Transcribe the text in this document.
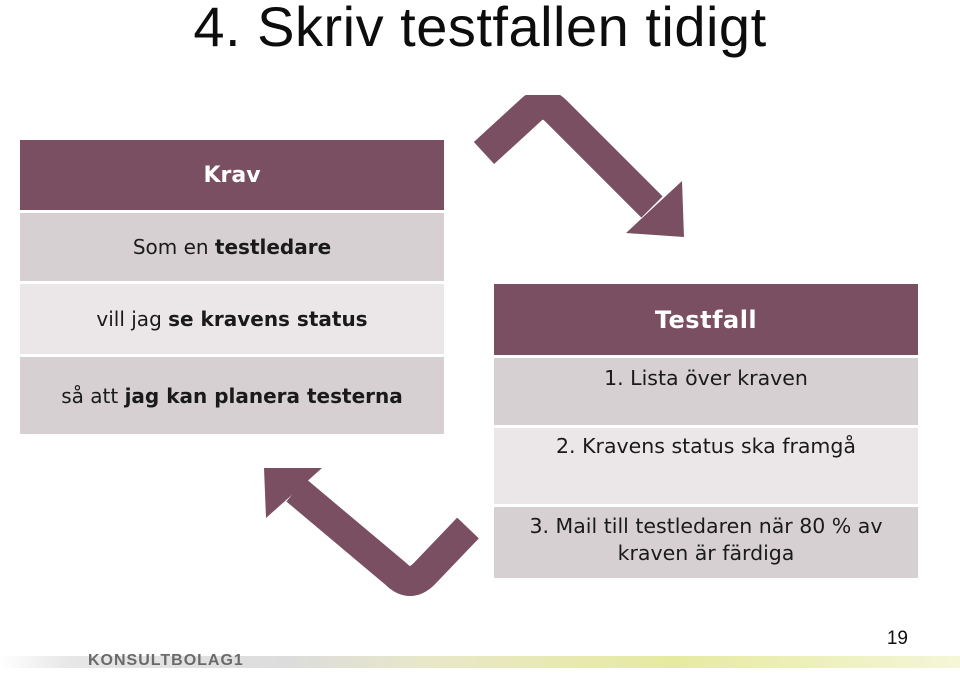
4. Skriv testfallen tidigt
Krav
Som en testledare
vill jag se kravens status
så att jag kan planera testerna
Testfall
1. Lista över kraven
2. Kravens status ska framgå
3. Mail till testledaren när 80 % av kraven är färdiga
KONSULTBOLAG1
19
